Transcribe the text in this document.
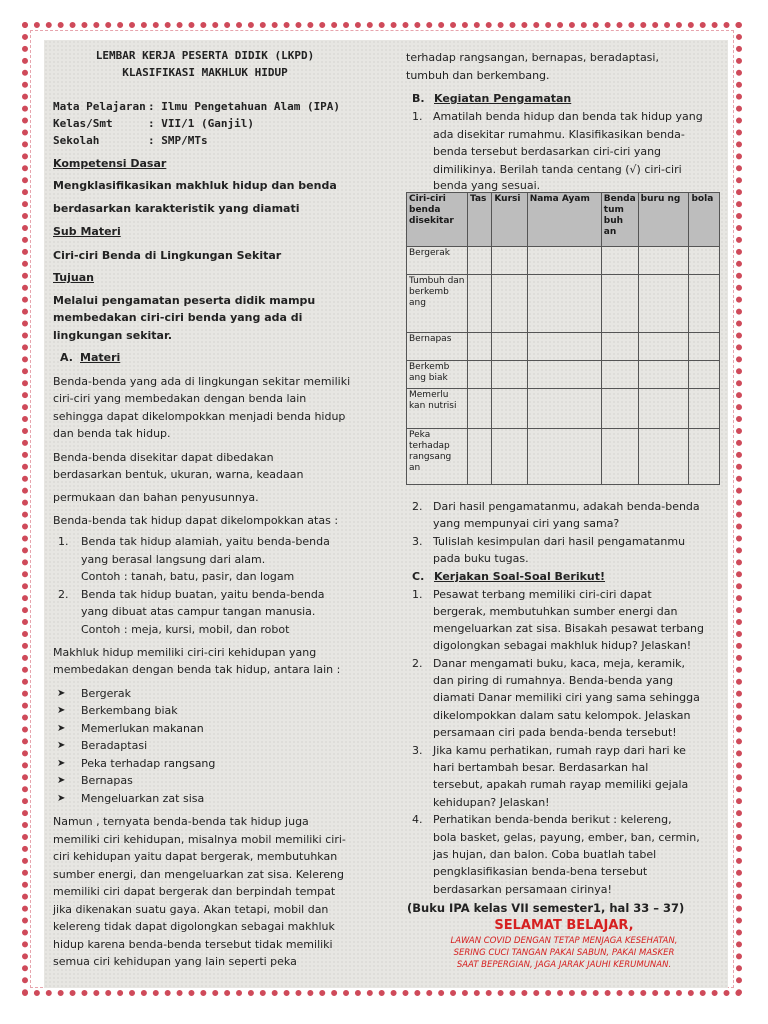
LEMBAR KERJA PESERTA DIDIK (LKPD)
KLASIFIKASI MAKHLUK HIDUP
Mata Pelajaran : Ilmu Pengetahuan Alam (IPA)
Kelas/Smt	: VII/1 (Ganjil)
Sekolah	: SMP/MTs
Kompetensi Dasar
Mengklasifikasikan makhluk hidup dan benda
berdasarkan karakteristik yang diamati
Sub Materi
Ciri-ciri Benda di Lingkungan Sekitar
Tujuan
Melalui pengamatan peserta didik mampu
membedakan ciri-ciri benda yang ada di
lingkungan sekitar.
A. Materi
Benda-benda yang ada di lingkungan sekitar memiliki
ciri-ciri yang membedakan dengan benda lain
sehingga dapat dikelompokkan menjadi benda hidup
dan benda tak hidup.
Benda-benda disekitar dapat dibedakan
berdasarkan bentuk, ukuran, warna, keadaan
permukaan dan bahan penyusunnya.
Benda-benda tak hidup dapat dikelompokkan atas :
1. Benda tak hidup alamiah, yaitu benda-benda
yang berasal langsung dari alam.
Contoh : tanah, batu, pasir, dan logam
2. Benda tak hidup buatan, yaitu benda-benda
yang dibuat atas campur tangan manusia.
Contoh : meja, kursi, mobil, dan robot
Makhluk hidup memiliki ciri-ciri kehidupan yang
membedakan dengan benda tak hidup, antara lain :
➤ Bergerak
➤ Berkembang biak
➤ Memerlukan makanan
➤ Beradaptasi
➤ Peka terhadap rangsang
➤ Bernapas
➤ Mengeluarkan zat sisa
Namun , ternyata benda-benda tak hidup juga
memiliki ciri kehidupan, misalnya mobil memiliki ciri-
ciri kehidupan yaitu dapat bergerak, membutuhkan
sumber energi, dan mengeluarkan zat sisa. Kelereng
memiliki ciri dapat bergerak dan berpindah tempat
jika dikenakan suatu gaya. Akan tetapi, mobil dan
kelereng tidak dapat digolongkan sebagai makhluk
hidup karena benda-benda tersebut tidak memiliki
semua ciri kehidupan yang lain seperti peka
terhadap rangsangan, bernapas, beradaptasi,
tumbuh dan berkembang.
B. Kegiatan Pengamatan
1. Amatilah benda hidup dan benda tak hidup yang
ada disekitar rumahmu. Klasifikasikan benda-
benda tersebut berdasarkan ciri-ciri yang
dimilikinya. Berilah tanda centang (√) ciri-ciri
benda yang sesuai.
Ciri-ciri benda disekitar	Tas	Kursi	Nama Ayam	Benda tum buh an	buru ng	bola
Bergerak						
Tumbuh dan berkemb ang						
Bernapas						
Berkemb ang biak						
Memerlu kan nutrisi						
Peka terhadap rangsang an						
2. Dari hasil pengamatanmu, adakah benda-benda
yang mempunyai ciri yang sama?
3. Tulislah kesimpulan dari hasil pengamatanmu
pada buku tugas.
C. Kerjakan Soal-Soal Berikut!
1. Pesawat terbang memiliki ciri-ciri dapat
bergerak, membutuhkan sumber energi dan
mengeluarkan zat sisa. Bisakah pesawat terbang
digolongkan sebagai makhluk hidup? Jelaskan!
2. Danar mengamati buku, kaca, meja, keramik,
dan piring di rumahnya. Benda-benda yang
diamati Danar memiliki ciri yang sama sehingga
dikelompokkan dalam satu kelompok. Jelaskan
persamaan ciri pada benda-benda tersebut!
3. Jika kamu perhatikan, rumah rayp dari hari ke
hari bertambah besar. Berdasarkan hal
tersebut, apakah rumah rayap memiliki gejala
kehidupan? Jelaskan!
4. Perhatikan benda-benda berikut : kelereng,
bola basket, gelas, payung, ember, ban, cermin,
jas hujan, dan balon. Coba buatlah tabel
pengklasifikasian benda-bena tersebut
berdasarkan persamaan cirinya!
(Buku IPA kelas VII semester1, hal 33 – 37)
SELAMAT BELAJAR,
LAWAN COVID DENGAN TETAP MENJAGA KESEHATAN,
SERING CUCI TANGAN PAKAI SABUN, PAKAI MASKER
SAAT BEPERGIAN, JAGA JARAK JAUHI KERUMUNAN.
